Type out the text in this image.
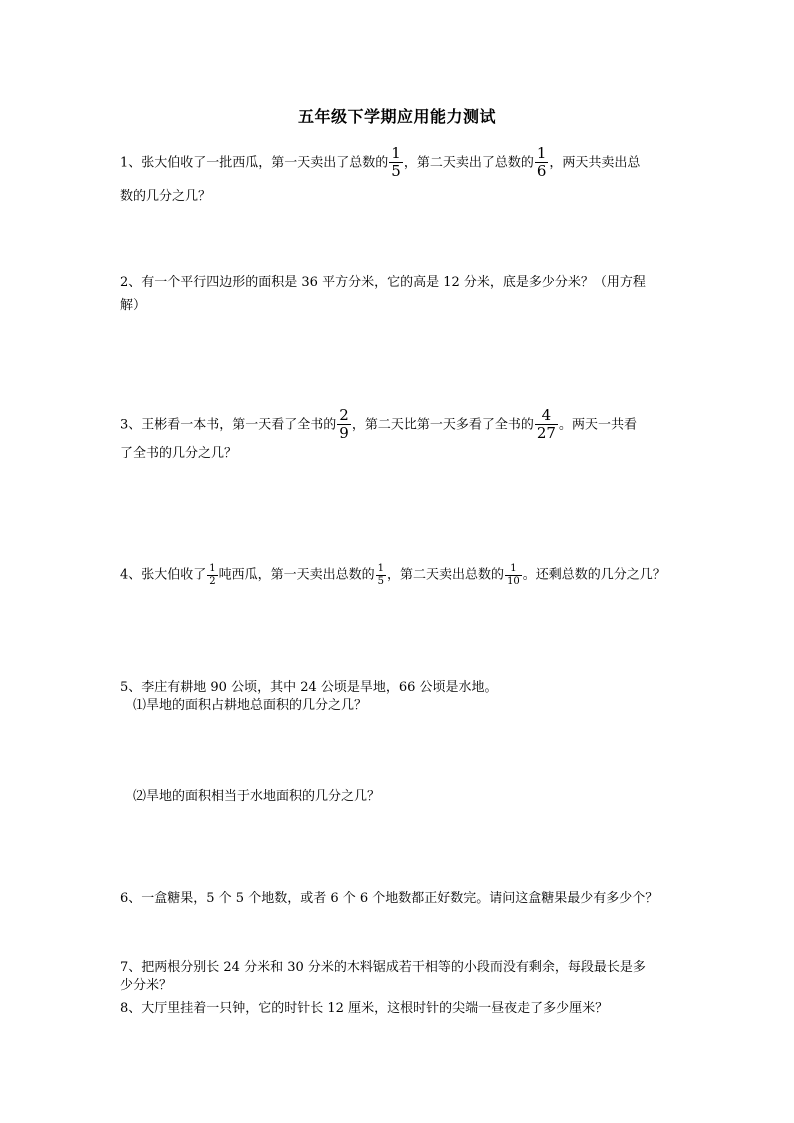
五年级下学期应用能力测试
1、张大伯收了一批西瓜，第一天卖出了总数的 $\frac{1}{5}$ ，第二天卖出了总数的 $\frac{1}{6}$ ，两天共卖出总
数的几分之几？
2、有一个平行四边形的面积是 36 平方分米，它的高是 12 分米，底是多少分米？（用方程
解）
3、王彬看一本书，第一天看了全书的 $\frac{2}{9}$ ，第二天比第一天多看了全书的 $\frac{4}{27}$ 。两天一共看
了全书的几分之几？
4、张大伯收了 $\frac{1}{2}$ 吨西瓜，第一天卖出总数的 $\frac{1}{5}$ ，第二天卖出总数的 $\frac{1}{10}$ 。还剩总数的几分之几？
5、李庄有耕地 90 公顷，其中 24 公顷是旱地，66 公顷是水地。
⑴旱地的面积占耕地总面积的几分之几？
⑵旱地的面积相当于水地面积的几分之几？
6、一盒糖果，5 个 5 个地数，或者 6 个 6 个地数都正好数完。请问这盒糖果最少有多少个？
7、把两根分别长 24 分米和 30 分米的木料锯成若干相等的小段而没有剩余，每段最长是多
少分米？
8、大厅里挂着一只钟，它的时针长 12 厘米，这根时针的尖端一昼夜走了多少厘米？
